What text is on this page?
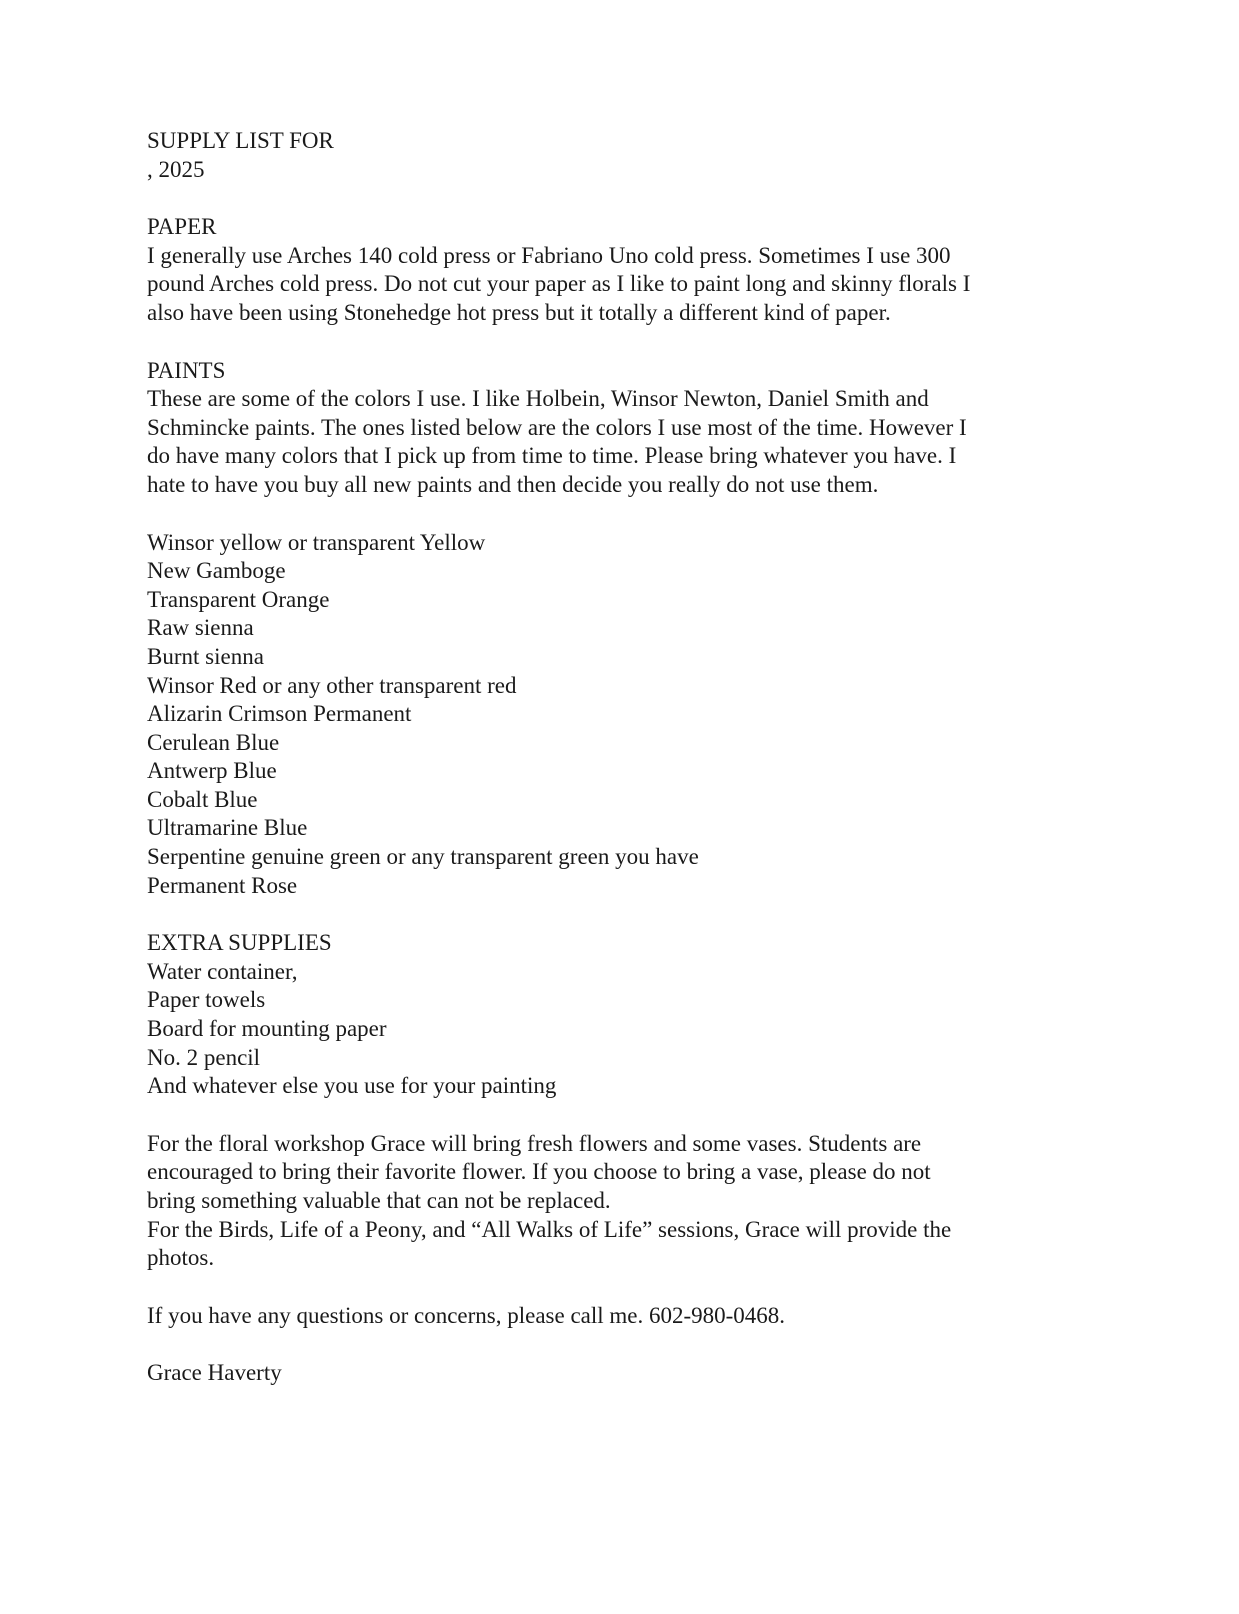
SUPPLY LIST FOR
, 2025
PAPER
I generally use Arches 140 cold press or Fabriano Uno cold press. Sometimes I use 300
pound Arches cold press. Do not cut your paper as I like to paint long and skinny florals I
also have been using Stonehedge hot press but it totally a different kind of paper.
PAINTS
These are some of the colors I use. I like Holbein, Winsor Newton, Daniel Smith and
Schmincke paints. The ones listed below are the colors I use most of the time. However I
do have many colors that I pick up from time to time. Please bring whatever you have. I
hate to have you buy all new paints and then decide you really do not use them.
Winsor yellow or transparent Yellow
New Gamboge
Transparent Orange
Raw sienna
Burnt sienna
Winsor Red or any other transparent red
Alizarin Crimson Permanent
Cerulean Blue
Antwerp Blue
Cobalt Blue
Ultramarine Blue
Serpentine genuine green or any transparent green you have
Permanent Rose
EXTRA SUPPLIES
Water container,
Paper towels
Board for mounting paper
No. 2 pencil
And whatever else you use for your painting
For the floral workshop Grace will bring fresh flowers and some vases. Students are
encouraged to bring their favorite flower. If you choose to bring a vase, please do not
bring something valuable that can not be replaced.
For the Birds, Life of a Peony, and “All Walks of Life” sessions, Grace will provide the
photos.
If you have any questions or concerns, please call me. 602-980-0468.
Grace Haverty
